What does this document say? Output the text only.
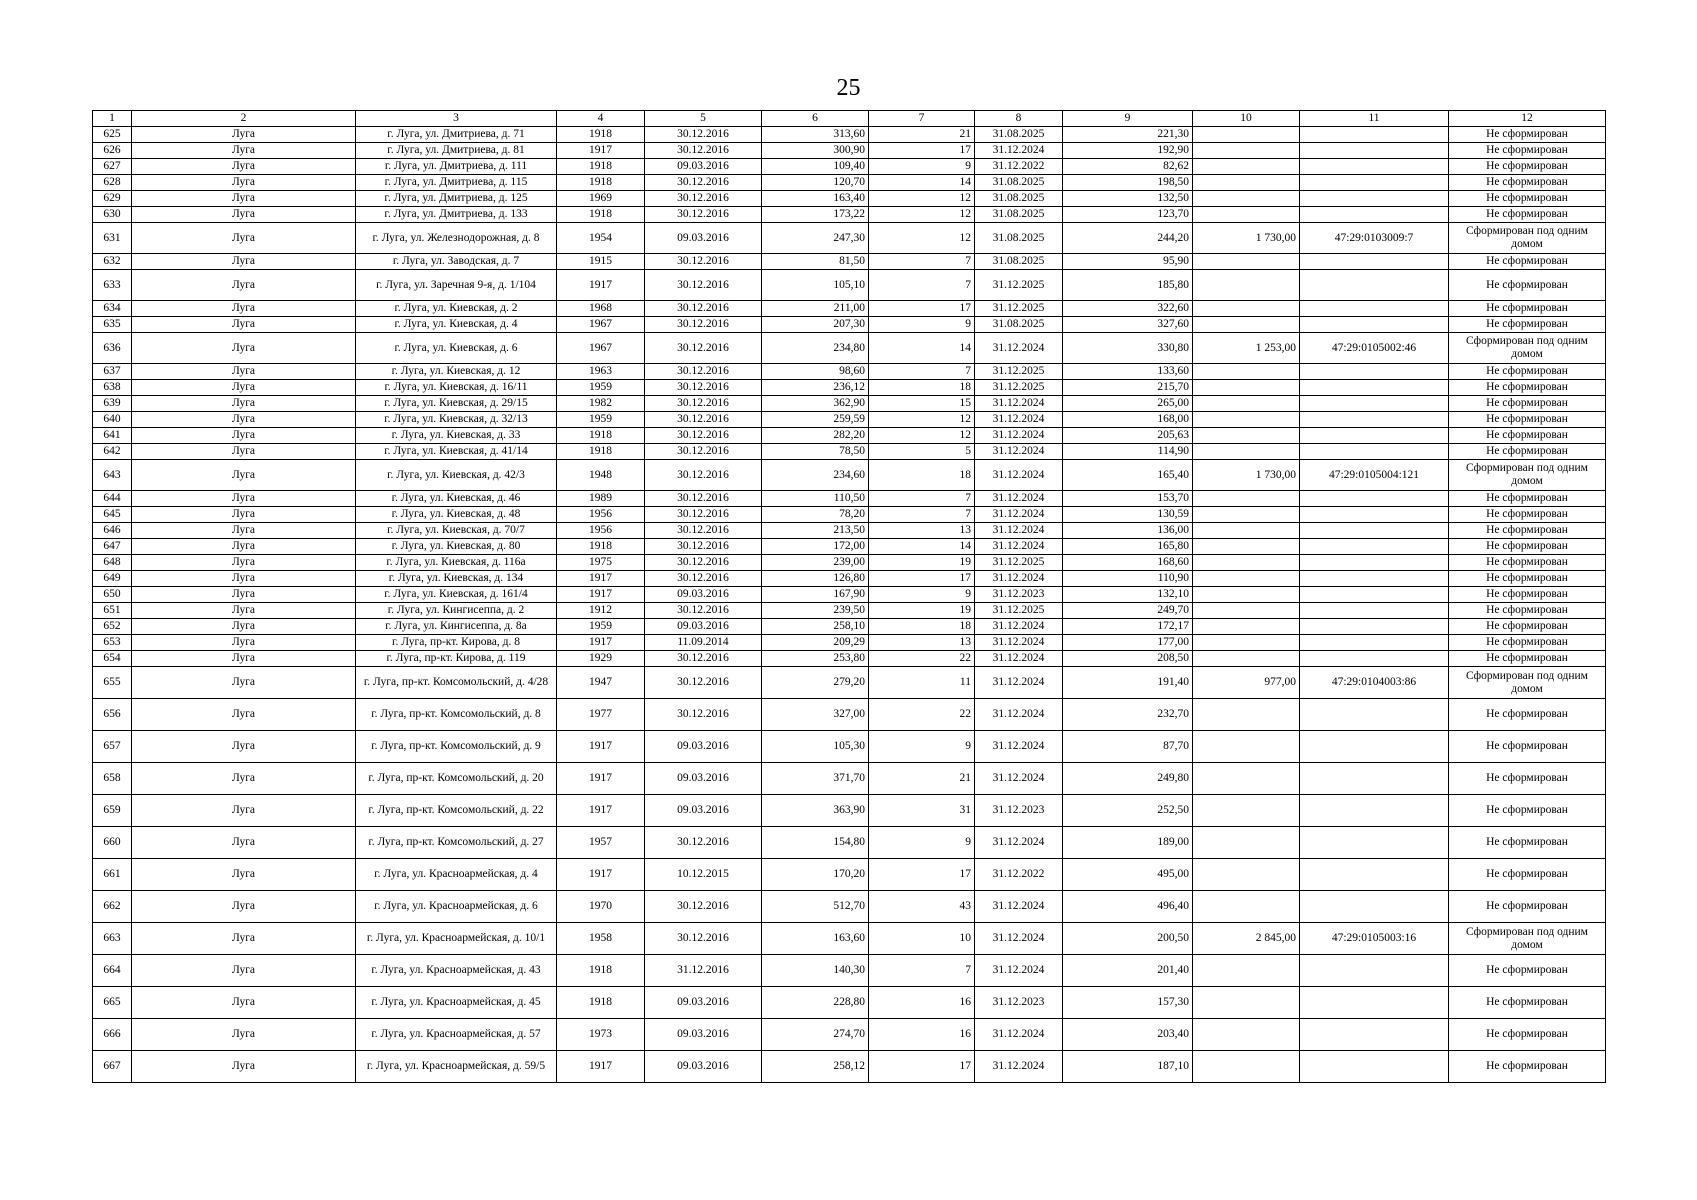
25
1	2	3	4	5	6	7	8	9	10	11	12
625	Луга	г. Луга, ул. Дмитриева, д. 71	1918	30.12.2016	313,60	21	31.08.2025	221,30			Не сформирован
626	Луга	г. Луга, ул. Дмитриева, д. 81	1917	30.12.2016	300,90	17	31.12.2024	192,90			Не сформирован
627	Луга	г. Луга, ул. Дмитриева, д. 111	1918	09.03.2016	109,40	9	31.12.2022	82,62			Не сформирован
628	Луга	г. Луга, ул. Дмитриева, д. 115	1918	30.12.2016	120,70	14	31.08.2025	198,50			Не сформирован
629	Луга	г. Луга, ул. Дмитриева, д. 125	1969	30.12.2016	163,40	12	31.08.2025	132,50			Не сформирован
630	Луга	г. Луга, ул. Дмитриева, д. 133	1918	30.12.2016	173,22	12	31.08.2025	123,70			Не сформирован
631	Луга	г. Луга, ул. Железнодорожная, д. 8	1954	09.03.2016	247,30	12	31.08.2025	244,20	1 730,00	47:29:0103009:7	Сформирован под одним домом
632	Луга	г. Луга, ул. Заводская, д. 7	1915	30.12.2016	81,50	7	31.08.2025	95,90			Не сформирован
633	Луга	г. Луга, ул. Заречная 9-я, д. 1/104	1917	30.12.2016	105,10	7	31.12.2025	185,80			Не сформирован
634	Луга	г. Луга, ул. Киевская, д. 2	1968	30.12.2016	211,00	17	31.12.2025	322,60			Не сформирован
635	Луга	г. Луга, ул. Киевская, д. 4	1967	30.12.2016	207,30	9	31.08.2025	327,60			Не сформирован
636	Луга	г. Луга, ул. Киевская, д. 6	1967	30.12.2016	234,80	14	31.12.2024	330,80	1 253,00	47:29:0105002:46	Сформирован под одним домом
637	Луга	г. Луга, ул. Киевская, д. 12	1963	30.12.2016	98,60	7	31.12.2025	133,60			Не сформирован
638	Луга	г. Луга, ул. Киевская, д. 16/11	1959	30.12.2016	236,12	18	31.12.2025	215,70			Не сформирован
639	Луга	г. Луга, ул. Киевская, д. 29/15	1982	30.12.2016	362,90	15	31.12.2024	265,00			Не сформирован
640	Луга	г. Луга, ул. Киевская, д. 32/13	1959	30.12.2016	259,59	12	31.12.2024	168,00			Не сформирован
641	Луга	г. Луга, ул. Киевская, д. 33	1918	30.12.2016	282,20	12	31.12.2024	205,63			Не сформирован
642	Луга	г. Луга, ул. Киевская, д. 41/14	1918	30.12.2016	78,50	5	31.12.2024	114,90			Не сформирован
643	Луга	г. Луга, ул. Киевская, д. 42/3	1948	30.12.2016	234,60	18	31.12.2024	165,40	1 730,00	47:29:0105004:121	Сформирован под одним домом
644	Луга	г. Луга, ул. Киевская, д. 46	1989	30.12.2016	110,50	7	31.12.2024	153,70			Не сформирован
645	Луга	г. Луга, ул. Киевская, д. 48	1956	30.12.2016	78,20	7	31.12.2024	130,59			Не сформирован
646	Луга	г. Луга, ул. Киевская, д. 70/7	1956	30.12.2016	213,50	13	31.12.2024	136,00			Не сформирован
647	Луга	г. Луга, ул. Киевская, д. 80	1918	30.12.2016	172,00	14	31.12.2024	165,80			Не сформирован
648	Луга	г. Луга, ул. Киевская, д. 116а	1975	30.12.2016	239,00	19	31.12.2025	168,60			Не сформирован
649	Луга	г. Луга, ул. Киевская, д. 134	1917	30.12.2016	126,80	17	31.12.2024	110,90			Не сформирован
650	Луга	г. Луга, ул. Киевская, д. 161/4	1917	09.03.2016	167,90	9	31.12.2023	132,10			Не сформирован
651	Луга	г. Луга, ул. Кингисеппа, д. 2	1912	30.12.2016	239,50	19	31.12.2025	249,70			Не сформирован
652	Луга	г. Луга, ул. Кингисеппа, д. 8а	1959	09.03.2016	258,10	18	31.12.2024	172,17			Не сформирован
653	Луга	г. Луга, пр-кт. Кирова, д. 8	1917	11.09.2014	209,29	13	31.12.2024	177,00			Не сформирован
654	Луга	г. Луга, пр-кт. Кирова, д. 119	1929	30.12.2016	253,80	22	31.12.2024	208,50			Не сформирован
655	Луга	г. Луга, пр-кт. Комсомольский, д. 4/28	1947	30.12.2016	279,20	11	31.12.2024	191,40	977,00	47:29:0104003:86	Сформирован под одним домом
656	Луга	г. Луга, пр-кт. Комсомольский, д. 8	1977	30.12.2016	327,00	22	31.12.2024	232,70			Не сформирован
657	Луга	г. Луга, пр-кт. Комсомольский, д. 9	1917	09.03.2016	105,30	9	31.12.2024	87,70			Не сформирован
658	Луга	г. Луга, пр-кт. Комсомольский, д. 20	1917	09.03.2016	371,70	21	31.12.2024	249,80			Не сформирован
659	Луга	г. Луга, пр-кт. Комсомольский, д. 22	1917	09.03.2016	363,90	31	31.12.2023	252,50			Не сформирован
660	Луга	г. Луга, пр-кт. Комсомольский, д. 27	1957	30.12.2016	154,80	9	31.12.2024	189,00			Не сформирован
661	Луга	г. Луга, ул. Красноармейская, д. 4	1917	10.12.2015	170,20	17	31.12.2022	495,00			Не сформирован
662	Луга	г. Луга, ул. Красноармейская, д. 6	1970	30.12.2016	512,70	43	31.12.2024	496,40			Не сформирован
663	Луга	г. Луга, ул. Красноармейская, д. 10/1	1958	30.12.2016	163,60	10	31.12.2024	200,50	2 845,00	47:29:0105003:16	Сформирован под одним домом
664	Луга	г. Луга, ул. Красноармейская, д. 43	1918	31.12.2016	140,30	7	31.12.2024	201,40			Не сформирован
665	Луга	г. Луга, ул. Красноармейская, д. 45	1918	09.03.2016	228,80	16	31.12.2023	157,30			Не сформирован
666	Луга	г. Луга, ул. Красноармейская, д. 57	1973	09.03.2016	274,70	16	31.12.2024	203,40			Не сформирован
667	Луга	г. Луга, ул. Красноармейская, д. 59/5	1917	09.03.2016	258,12	17	31.12.2024	187,10			Не сформирован
